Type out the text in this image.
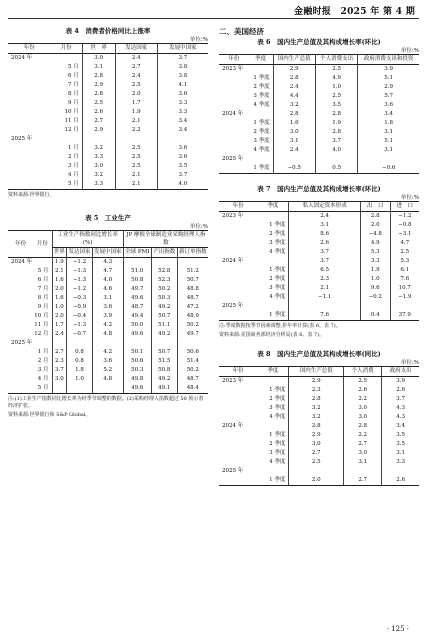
金融时报　 2025 年 第 4 期
表 4　消费者价格同比上涨率
单位:%
年份	月份	世　界	发达国家	发展中国家
2024 年		3.0	2.4	3.7
	5 月	3.1	2.7	3.8
	6 月	2.8	2.4	3.8
	7 月	2.9	2.5	4.1
	8 月	2.8	2.0	3.6
	9 月	2.5	1.7	3.3
	10 月	2.6	1.9	3.3
	11 月	2.7	2.1	3.4
	12 月	2.9	2.2	3.4
2025 年				
	1 月	3.2	2.5	3.6
	2 月	3.3	2.5	3.6
	3 月	3.0	2.5	3.5
	4 月	3.2	2.1	3.7
	5 月	3.3	2.1	4.0
资料来源:世界银行。
表 5　工业生产
单位:%
年份	月份	工业生产指数同比增长率(%)			JP 摩根全球制造业采购经理人指数		
		世界	发达国家	发展中国家	全球 PMI	产出指数	新订单指数
2024 年		1.9	−1.2	4.3			
	5 月	2.1	−1.3	4.7	51.0	52.8	51.2
	6 月	1.6	−1.3	4.0	50.8	52.3	50.7
	7 月	2.0	−1.2	4.6	49.7	50.2	48.8
	8 月	1.6	−0.3	3.1	49.6	50.3	48.7
	9 月	1.0	−0.9	3.6	48.7	49.2	47.2
	10 月	2.0	−0.4	3.9	49.4	50.7	48.9
	11 月	1.7	−1.3	4.2	50.0	51.1	50.2
	12 月	2.4	−0.7	4.8	49.6	49.2	49.7
2025 年							
	1 月	2.7	0.8	4.2	50.1	50.7	50.6
	2 月	2.3	0.8	3.6	50.6	51.5	51.4
	3 月	3.7	1.8	5.2	50.3	50.8	50.2
	4 月	3.0	1.0	4.8	49.8	49.2	48.7
	5 月				49.6	49.1	48.4
注:(1)工业生产指数同比增长率为经季节调整的数据。(2)采购经理人指数超过 50 预示着经济扩张。
资料来源:世界银行和 S&P Global。
二、美国经济
表 6　国内生产总值及其构成增长率(环比)
单位:%
年份	季度	国内生产总值	个人消费支出	政府消费支出和投资
2023 年		2.9	2.5	3.9
	1 季度	2.8	4.9	5.1
	2 季度	2.4	1.0	2.9
	3 季度	4.4	2.5	5.7
	4 季度	3.2	3.5	3.6
2024 年		2.8	2.8	3.4
	1 季度	1.6	1.9	1.8
	2 季度	3.0	2.8	3.1
	3 季度	3.1	3.7	5.1
	4 季度	2.4	4.0	3.1
2025 年				
	1 季度	−0.5	0.5	−0.6
表 7　国内生产总值及其构成增长率(环比)
单位:%
年份	季度	私人固定资本形成	出　口	进　口
2023 年		2.4	2.8	−1.2
	1 季度	3.1	2.0	−0.8
	2 季度	8.6	−4.8	−3.1
	3 季度	2.6	4.9	4.7
	4 季度	3.7	5.3	2.5
2024 年		3.7	3.3	5.3
	1 季度	6.5	1.9	6.1
	2 季度	2.3	1.0	7.6
	3 季度	2.1	9.6	10.7
	4 季度	−1.1	−0.2	−1.9
2025 年				
	1 季度	7.6	0.4	37.9
注:季度数据按季节因素调整,折年率计算(表 6、表 7)。
资料来源:美国商务部经济分析局(表 6、表 7)。
表 8　国内生产总值及其构成增长率(同比)
单位:%
年份	季度	国内生产总值	个人消费	政府支出
2023 年		2.9	2.5	3.9
	1 季度	2.3	2.6	2.6
	2 季度	2.8	2.2	3.7
	3 季度	3.2	3.0	4.3
	4 季度	3.2	3.0	4.3
2024 年		2.8	2.8	3.4
	1 季度	2.9	2.2	3.5
	2 季度	3.0	2.7	3.5
	3 季度	2.7	3.0	3.1
	4 季度	2.5	3.1	3.3
2025 年				
	1 季度	2.0	2.7	2.6
· 125 ·
